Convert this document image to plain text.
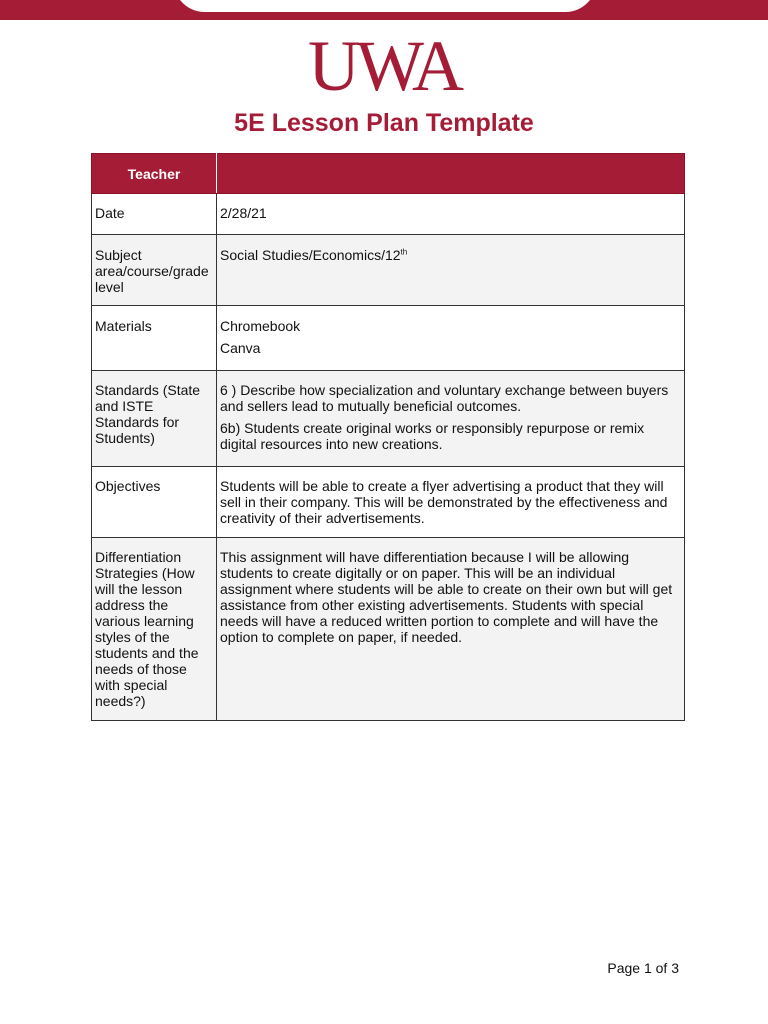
UWA
5E Lesson Plan Template
Teacher	
Date	2/28/21

Subject area/course/grade level	Social Studies/Economics/12th
Materials	Chromebook

Canva

Standards (State and ISTE Standards for Students)	6 ) Describe how specialization and voluntary exchange between buyers and sellers lead to mutually beneficial outcomes.

6b) Students create original works or responsibly repurpose or remix digital resources into new creations.

Objectives	Students will be able to create a flyer advertising a product that they will sell in their company. This will be demonstrated by the effectiveness and creativity of their advertisements.

Differentiation Strategies (How will the lesson address the various learning styles of the students and the needs of those with special needs?)	This assignment will have differentiation because I will be allowing students to create digitally or on paper. This will be an individual assignment where students will be able to create on their own but will get assistance from other existing advertisements. Students with special needs will have a reduced written portion to complete and will have the option to complete on paper, if needed.

Page 1 of 3
